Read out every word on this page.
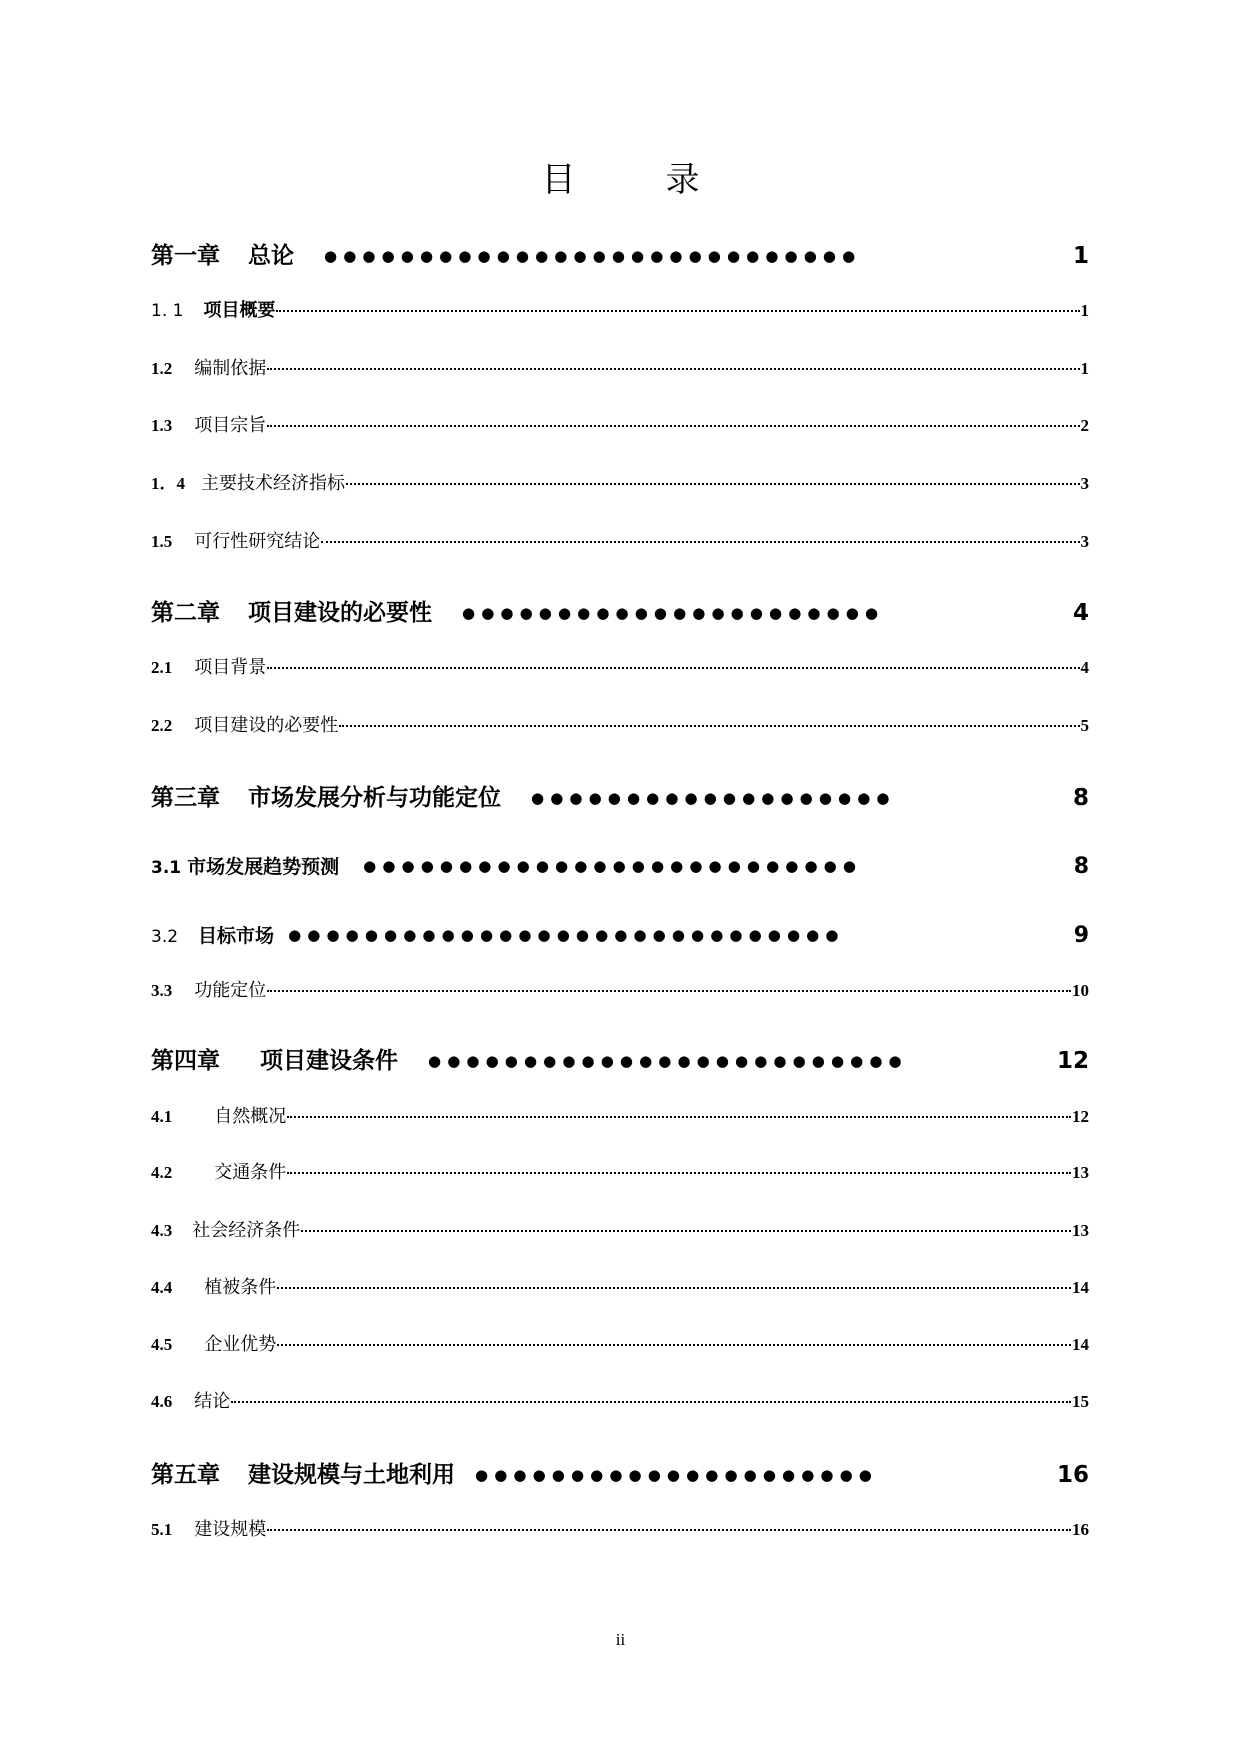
目　录
第一章 总论 ●●●●●●●●●●●●●●●●●●●●●●●●●●●●	1
1. 1 项目概要	1
1.2 编制依据	1
1.3 项目宗旨	2
1．4 主要技术经济指标	3
1.5 可行性研究结论	3
第二章 项目建设的必要性 ●●●●●●●●●●●●●●●●●●●●●●	4
2.1 项目背景	4
2.2 项目建设的必要性	5
第三章 市场发展分析与功能定位 ●●●●●●●●●●●●●●●●●●●	8
3.1 市场发展趋势预测 ●●●●●●●●●●●●●●●●●●●●●●●●●●	8
3.2 目标市场 ●●●●●●●●●●●●●●●●●●●●●●●●●●●●●	9
3.3 功能定位	10
第四章 项目建设条件 ●●●●●●●●●●●●●●●●●●●●●●●●●	12
4.1 自然概况	12
4.2 交通条件	13
4.3 社会经济条件	13
4.4 植被条件	14
4.5 企业优势	14
4.6 结论	15
第五章 建设规模与土地利用 ●●●●●●●●●●●●●●●●●●●●●	16
5.1 建设规模	16
ii
